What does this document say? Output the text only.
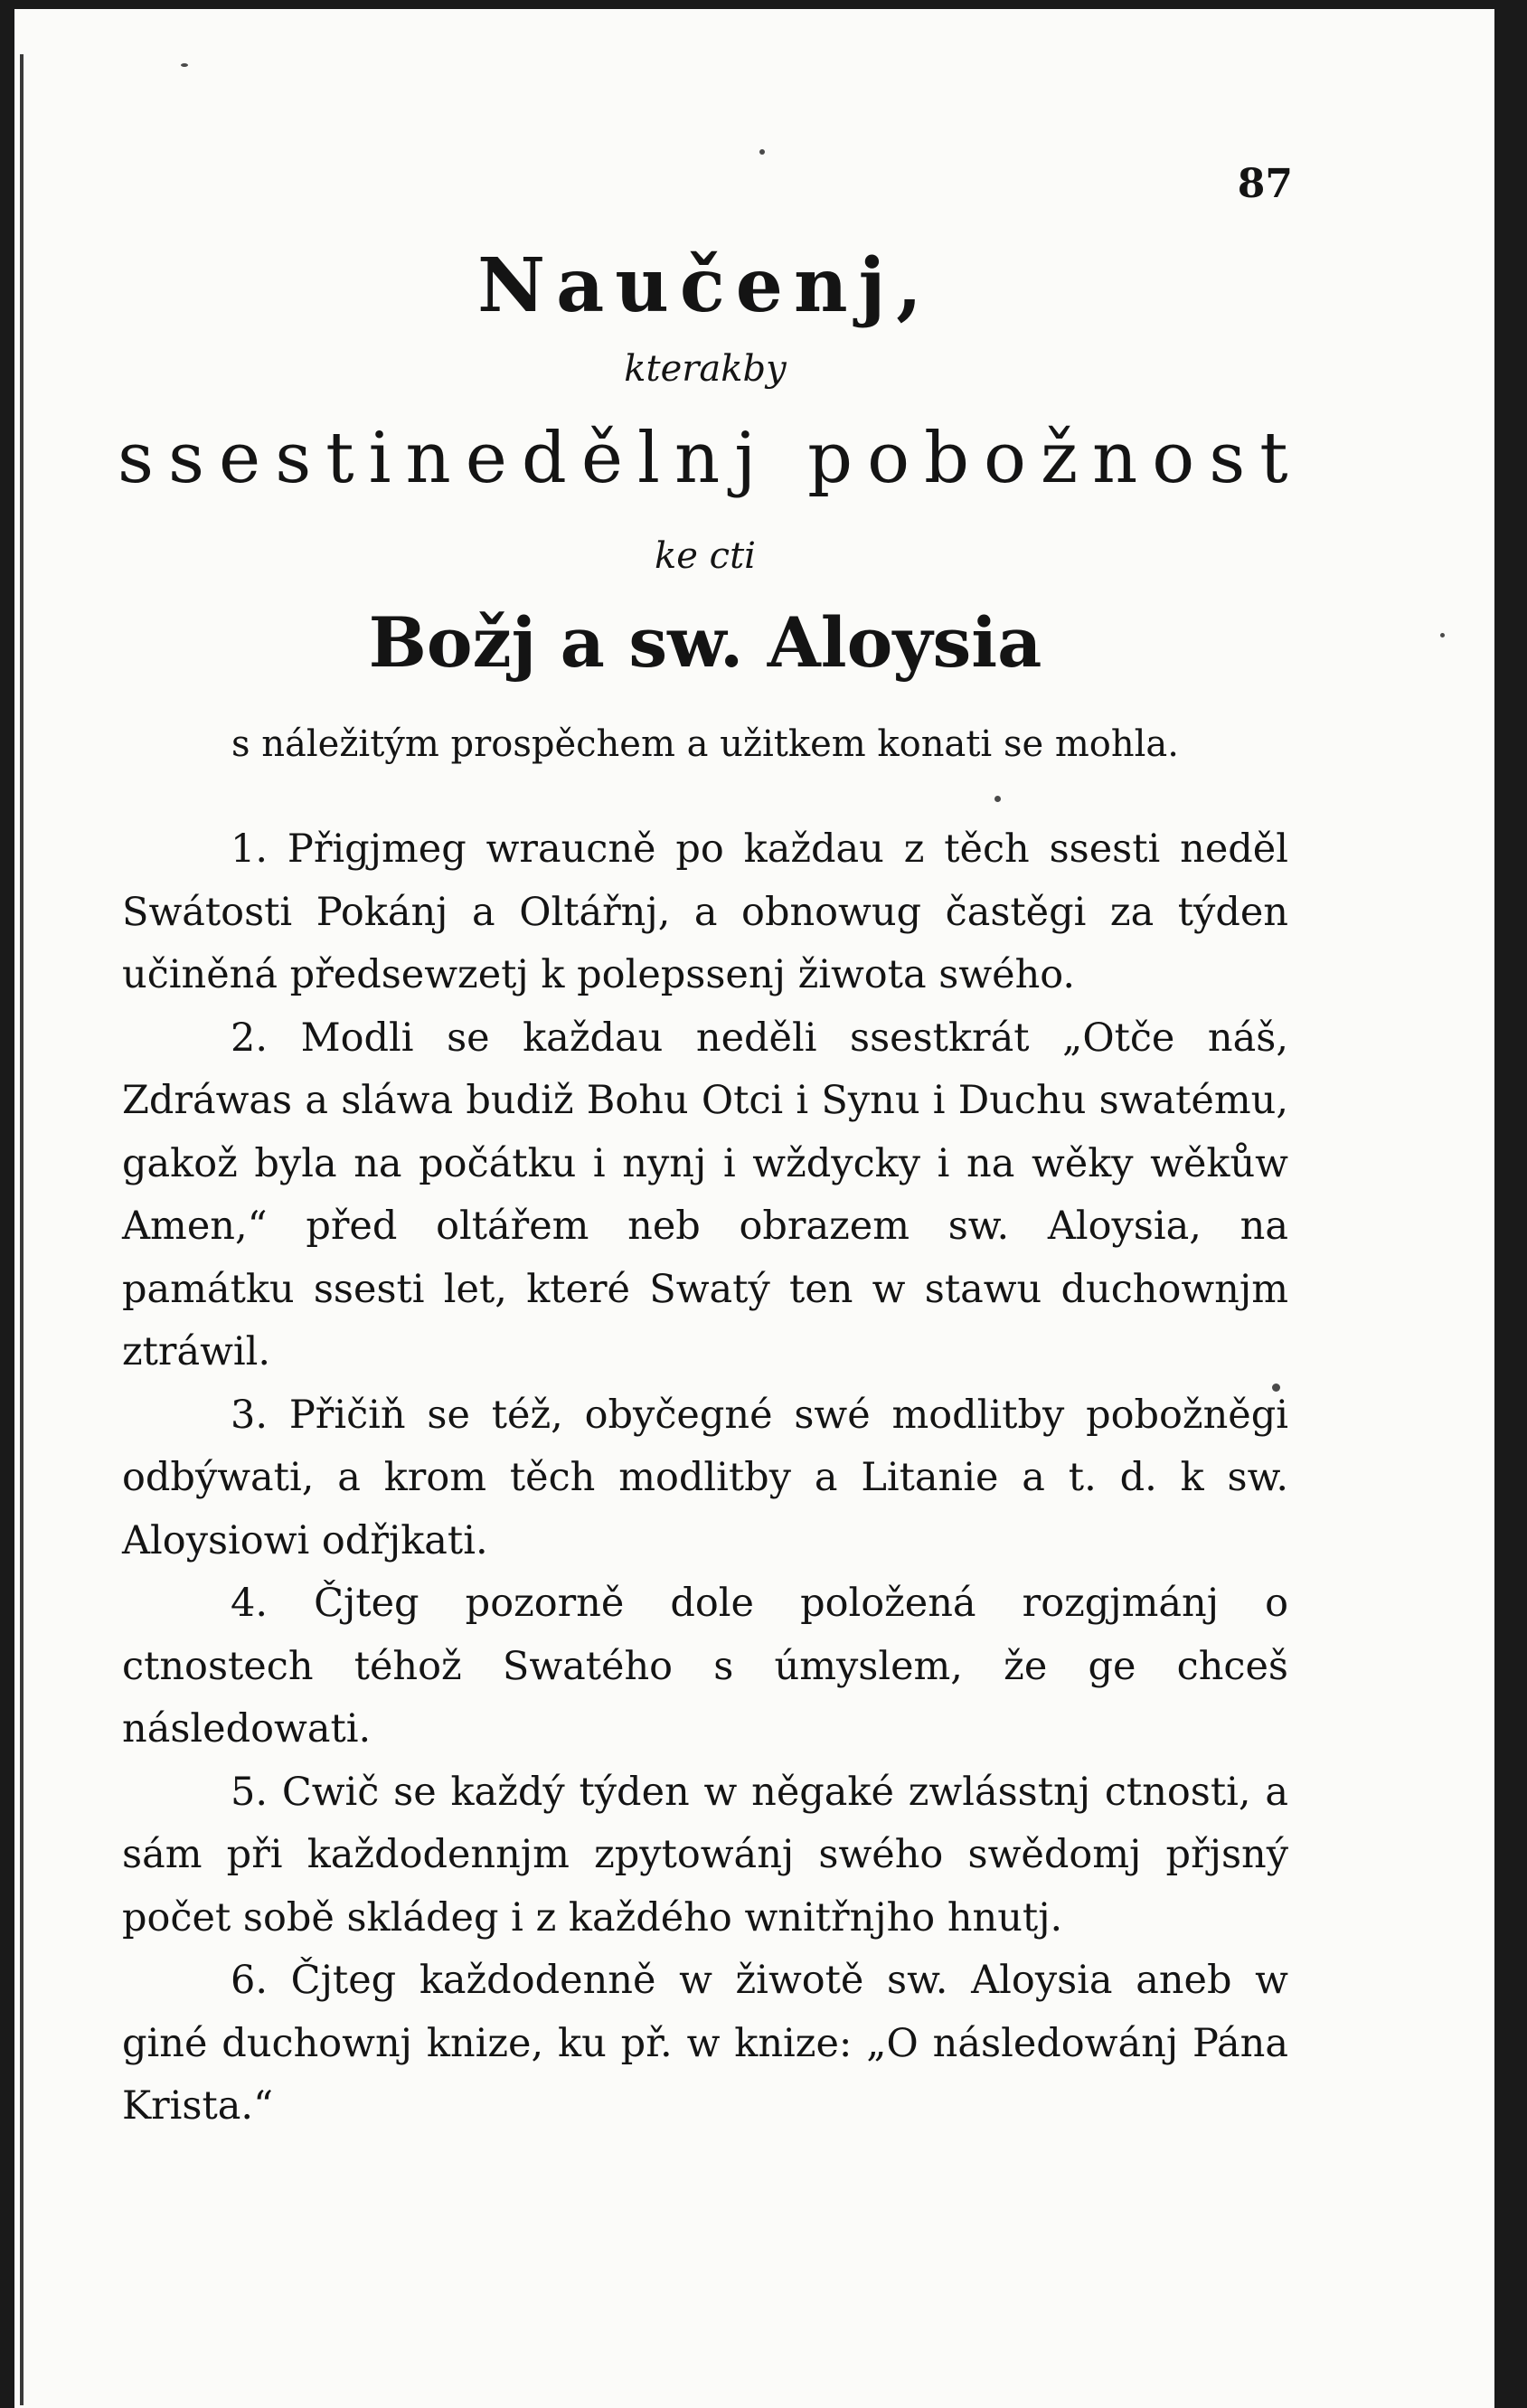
87
Naučenj,
kterakby
ssestinedělnj pobožnost
ke cti
Božj a sw. Aloysia
s náležitým prospěchem a užitkem konati se mohla.

1. Přigjmeg wraucně po každau z těch ssesti neděl Swátosti Pokánj a Oltářnj, a obnowug častěgi za týden učiněná předsewzetj k polepssenj žiwota swého.

2. Modli se každau neděli ssestkrát „Otče náš, Zdráwas a sláwa budiž Bohu Otci i Synu i Duchu swatému, gakož byla na počátku i nynj i wždycky i na wěky wěkůw Amen,“ před oltářem neb obrazem sw. Aloysia, na památku ssesti let, které Swatý ten w stawu duchownjm ztráwil.

3. Přičiň se též, obyčegné swé modlitby pobožněgi odbýwati, a krom těch modlitby a Litanie a t. d. k sw. Aloysiowi odřjkati.

4. Čjteg pozorně dole položená rozgjmánj o ctnostech téhož Swatého s úmyslem, že ge chceš následowati.

5. Cwič se každý týden w něgaké zwlásstnj ctnosti, a sám při každodennjm zpytowánj swého swědomj přjsný počet sobě skládeg i z každého wnitřnjho hnutj.

6. Čjteg každodenně w žiwotě sw. Aloysia aneb w giné duchownj knize, ku př. w knize: „O následowánj Pána Krista.“
